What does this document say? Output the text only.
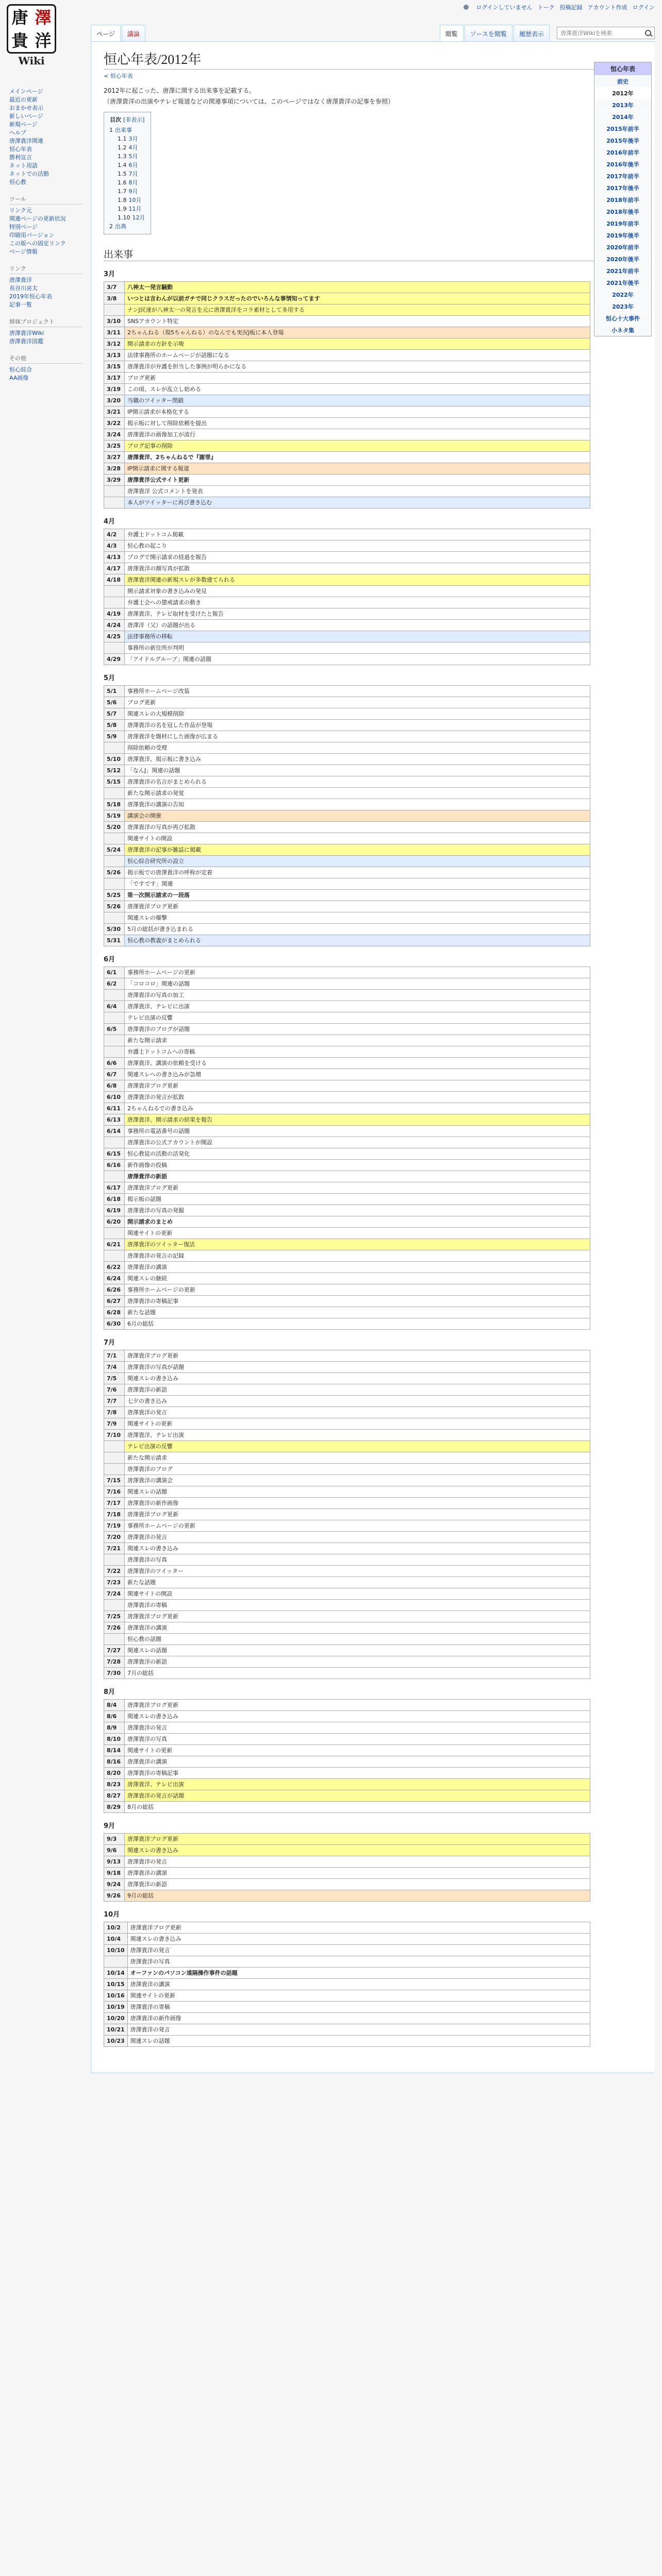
ログインしていません トーク 投稿記録 アカウント作成 ログイン
唐 澤
貴 洋
Wiki
ページ	議論	閲覧	ソースを閲覧	履歴表示
唐澤貴洋Wikiを検索
メインページ
最近の更新
おまかせ表示
新しいページ
新規ページ
ヘルプ
唐澤貴洋関連
恒心年表
勝利宣言
ネット用語
ネットでの活動
恒心教
ツール
リンク元
関連ページの更新状況
特別ページ
印刷用バージョン
この版への固定リンク
ページ情報
リンク
唐澤貴洋
長谷川亮太
2019年恒心年表
記事一覧
姉妹プロジェクト
唐澤貴洋Wiki
唐澤貴洋図鑑
その他
恒心綜合
AA画像
恒心年表/2012年
< 恒心年表

2012年に起こった、唐澤に関する出来事を記載する。

（唐澤貴洋の出演やテレビ報道などの関連事項については、このページではなく唐澤貴洋の記事を参照）

目次 [非表示]
1 出来事
1.1 3月
1.2 4月
1.3 5月
1.4 6月
1.5 7月
1.6 8月
1.7 9月
1.8 10月
1.9 11月
1.10 12月
2 出典
出来事
3月
3/7	八神太一発言騒動
3/8	いつとは言わんが以前ガチで同じクラスだったのでいろんな事情知ってます
	ナンJ民達が八神太一の発言を元に唐澤貴洋をコラ素材として多用する
3/10	SNSアカウント特定
3/11	2ちゃんねる（現5ちゃんねる）のなんでも実況J板に本人登場
3/12	開示請求の方針を示唆
3/13	法律事務所のホームページが話題になる
3/15	唐澤貴洋が弁護を担当した事例が明らかになる
3/17	ブログ更新
3/19	この頃、スレが乱立し始める
3/20	当職のツイッター閉鎖
3/21	IP開示請求が本格化する
3/22	掲示板に対して削除依頼を提出
3/24	唐澤貴洋の画像加工が流行
3/25	ブログ記事の削除
3/27	唐澤貴洋、2ちゃんねるで『謝罪』
3/28	IP開示請求に関する報道
3/29	唐澤貴洋公式サイト更新
	唐澤貴洋 公式コメントを発表
	本人がツイッターに再び書き込む
4月
4/2	弁護士ドットコム掲載
4/3	恒心教の起こり
4/13	ブログで開示請求の経過を報告
4/17	唐澤貴洋の顔写真が拡散
4/18	唐澤貴洋関連の新規スレが多数建てられる
	開示請求対象の書き込みの発見
	弁護士会への懲戒請求の動き
4/19	唐澤貴洋、テレビ取材を受けたと報告
4/24	唐澤洋（父）の話題が出る
4/25	法律事務所の移転
	事務所の新住所が判明
4/29	「アイドルグループ」関連の話題
5月
5/1	事務所ホームページ改装
5/6	ブログ更新
5/7	関連スレの大規模削除
5/8	唐澤貴洋の名を冠した作品が登場
5/9	唐澤貴洋を題材にした画像が広まる
	削除依頼の受理
5/10	唐澤貴洋、掲示板に書き込み
5/12	「なんJ」関連の話題
5/15	唐澤貴洋の名言がまとめられる
	新たな開示請求の発覚
5/18	唐澤貴洋の講演の告知
5/19	講演会の開催
5/20	唐澤貴洋の写真が再び拡散
	関連サイトの開設
5/24	唐澤貴洋の記事が雑誌に掲載
	恒心綜合研究所の設立
5/26	掲示板での唐澤貴洋の呼称が定着
	「ですです」関連
5/25	第一次開示請求の一段落
5/26	唐澤貴洋ブログ更新
	関連スレの爆撃
5/30	5月の総括が書き込まれる
5/31	恒心教の教義がまとめられる
6月
6/1	事務所ホームページの更新
6/2	「コロコロ」関連の話題
	唐澤貴洋の写真の加工
6/4	唐澤貴洋、テレビに出演
	テレビ出演の反響
6/5	唐澤貴洋のブログが話題
	新たな開示請求
	弁護士ドットコムへの寄稿
6/6	唐澤貴洋、講演の依頼を受ける
6/7	関連スレへの書き込みが急増
6/8	唐澤貴洋ブログ更新
6/10	唐澤貴洋の発言が拡散
6/11	2ちゃんねるでの書き込み
6/13	唐澤貴洋、開示請求の結果を報告
6/14	事務所の電話番号の話題
	唐澤貴洋の公式アカウントが開設
6/15	恒心教徒の活動の活発化
6/16	新作画像の投稿
	唐澤貴洋の新語
6/17	唐澤貴洋ブログ更新
6/18	掲示板の話題
6/19	唐澤貴洋の写真の発掘
6/20	開示請求のまとめ
	関連サイトの更新
6/21	唐澤貴洋のツイッター復活
	唐澤貴洋の発言の記録
6/22	唐澤貴洋の講演
6/24	関連スレの継続
6/26	事務所ホームページの更新
6/27	唐澤貴洋の寄稿記事
6/28	新たな話題
6/30	6月の総括
7月
7/1	唐澤貴洋ブログ更新
7/4	唐澤貴洋の写真が話題
7/5	関連スレの書き込み
7/6	唐澤貴洋の新語
7/7	七夕の書き込み
7/8	唐澤貴洋の発言
7/9	関連サイトの更新
7/10	唐澤貴洋、テレビ出演
	テレビ出演の反響
	新たな開示請求
	唐澤貴洋のブログ
7/15	唐澤貴洋の講演会
7/16	関連スレの話題
7/17	唐澤貴洋の新作画像
7/18	唐澤貴洋ブログ更新
7/19	事務所ホームページの更新
7/20	唐澤貴洋の発言
7/21	関連スレの書き込み
	唐澤貴洋の写真
7/22	唐澤貴洋のツイッター
7/23	新たな話題
7/24	関連サイトの開設
	唐澤貴洋の寄稿
7/25	唐澤貴洋ブログ更新
7/26	唐澤貴洋の講演
	恒心教の話題
7/27	関連スレの話題
7/28	唐澤貴洋の新語
7/30	7月の総括
8月
8/4	唐澤貴洋ブログ更新
8/6	関連スレの書き込み
8/9	唐澤貴洋の発言
8/10	唐澤貴洋の写真
8/14	関連サイトの更新
8/16	唐澤貴洋の講演
8/20	唐澤貴洋の寄稿記事
8/23	唐澤貴洋、テレビ出演
8/27	唐澤貴洋の発言が話題
8/29	8月の総括
9月
9/3	唐澤貴洋ブログ更新
9/6	関連スレの書き込み
9/13	唐澤貴洋の発言
9/18	唐澤貴洋の講演
9/24	唐澤貴洋の新語
9/26	9月の総括
10月
10/2	唐澤貴洋ブログ更新
10/4	関連スレの書き込み
10/10	唐澤貴洋の発言
	唐澤貴洋の写真
10/14	オーファンのパソコン遠隔操作事件の話題
10/15	唐澤貴洋の講演
10/16	関連サイトの更新
10/19	唐澤貴洋の寄稿
10/20	唐澤貴洋の新作画像
10/21	唐澤貴洋の発言
10/23	関連スレの話題
恒心年表
前史
2012年
2013年
2014年
2015年前半
2015年後半
2016年前半
2016年後半
2017年前半
2017年後半
2018年前半
2018年後半
2019年前半
2019年後半
2020年前半
2020年後半
2021年前半
2021年後半
2022年
2023年
恒心十大事件
小ネタ集
